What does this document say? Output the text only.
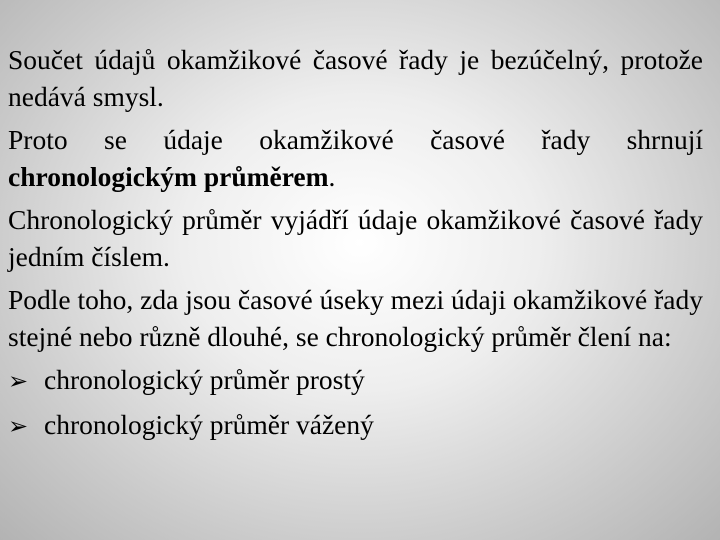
Součet údajů okamžikové časové řady je bezúčelný, protože nedává smysl.

Proto se údaje okamžikové časové řady shrnují chronologickým průměrem.

Chronologický průměr vyjádří údaje okamžikové časové řady jedním číslem.

Podle toho, zda jsou časové úseky mezi údaji okamžikové řady stejné nebo různě dlouhé, se chronologický průměr člení na:

➢ chronologický průměr prostý
➢ chronologický průměr vážený
